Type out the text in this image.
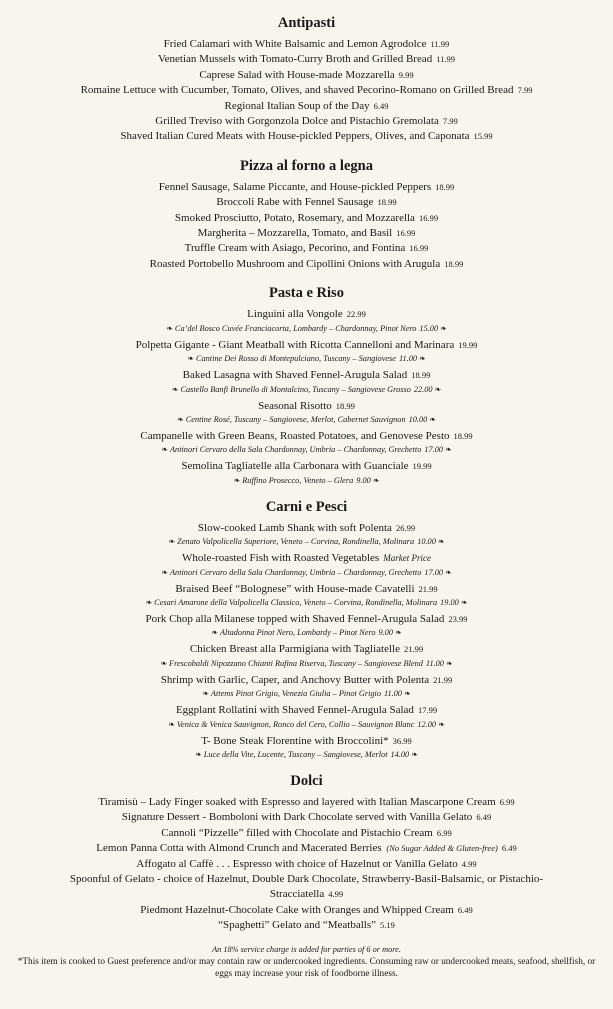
Antipasti
Fried Calamari with White Balsamic and Lemon Agrodolce 11.99
Venetian Mussels with Tomato-Curry Broth and Grilled Bread 11.99
Caprese Salad with House-made Mozzarella 9.99
Romaine Lettuce with Cucumber, Tomato, Olives, and shaved Pecorino-Romano on Grilled Bread 7.99
Regional Italian Soup of the Day 6.49
Grilled Treviso with Gorgonzola Dolce and Pistachio Gremolata 7.99
Shaved Italian Cured Meats with House-pickled Peppers, Olives, and Caponata 15.99
Pizza al forno a legna
Fennel Sausage, Salame Piccante, and House-pickled Peppers 18.99
Broccoli Rabe with Fennel Sausage 18.99
Smoked Prosciutto, Potato, Rosemary, and Mozzarella 16.99
Margherita – Mozzarella, Tomato, and Basil 16.99
Truffle Cream with Asiago, Pecorino, and Fontina 16.99
Roasted Portobello Mushroom and Cipollini Onions with Arugula 18.99
Pasta e Riso
Linguini alla Vongole 22.99
❧ Ca’del Bosco Cuvée Franciacorta, Lombardy – Chardonnay, Pinot Nero 15.00 ❧
Polpetta Gigante - Giant Meatball with Ricotta Cannelloni and Marinara 19.99
❧ Cantine Dei Rosso di Montepulciano, Tuscany – Sangiovese 11.00 ❧
Baked Lasagna with Shaved Fennel-Arugula Salad 18.99
❧ Castello Banfi Brunello di Montalcino, Tuscany – Sangiovese Grosso 22.00 ❧
Seasonal Risotto 18.99
❧ Centine Rosé, Tuscany – Sangiovese, Merlot, Cabernet Sauvignon 10.00 ❧
Campanelle with Green Beans, Roasted Potatoes, and Genovese Pesto 18.99
❧ Antinori Cervaro della Sala Chardonnay, Umbria – Chardonnay, Grechetto 17.00 ❧
Semolina Tagliatelle alla Carbonara with Guanciale 19.99
❧ Ruffino Prosecco, Veneto – Glera 9.00 ❧
Carni e Pesci
Slow-cooked Lamb Shank with soft Polenta 26.99
❧ Zenato Valpolicella Superiore, Veneto – Corvina, Rondinella, Molinara 10.00 ❧
Whole-roasted Fish with Roasted Vegetables Market Price
❧ Antinori Cervaro della Sala Chardonnay, Umbria – Chardonnay, Grechetto 17.00 ❧
Braised Beef “Bolognese” with House-made Cavatelli 21.99
❧ Cesari Amarone della Valpolicella Classico, Veneto – Corvina, Rondinella, Molinara 19.00 ❧
Pork Chop alla Milanese topped with Shaved Fennel-Arugula Salad 23.99
❧ Altadonna Pinot Nero, Lombardy – Pinot Nero 9.00 ❧
Chicken Breast alla Parmigiana with Tagliatelle 21.99
❧ Frescobaldi Nipozzano Chianti Rufina Riserva, Tuscany – Sangiovese Blend 11.00 ❧
Shrimp with Garlic, Caper, and Anchovy Butter with Polenta 21.99
❧ Attems Pinot Grigio, Venezia Giulia – Pinot Grigio 11.00 ❧
Eggplant Rollatini with Shaved Fennel-Arugula Salad 17.99
❧ Venica & Venica Sauvignon, Ronco del Cero, Collio – Sauvignon Blanc 12.00 ❧
T- Bone Steak Florentine with Broccolini* 36.99
❧ Luce della Vite, Lucente, Tuscany – Sangiovese, Merlot 14.00 ❧
Dolci
Tiramisù – Lady Finger soaked with Espresso and layered with Italian Mascarpone Cream 6.99
Signature Dessert - Bomboloni with Dark Chocolate served with Vanilla Gelato 6.49
Cannoli “Pizzelle” filled with Chocolate and Pistachio Cream 6.99
Lemon Panna Cotta with Almond Crunch and Macerated Berries (No Sugar Added & Gluten-free) 6.49
Affogato al Caffè . . . Espresso with choice of Hazelnut or Vanilla Gelato 4.99
Spoonful of Gelato - choice of Hazelnut, Double Dark Chocolate, Strawberry-Basil-Balsamic, or Pistachio-Stracciatella 4.99
Piedmont Hazelnut-Chocolate Cake with Oranges and Whipped Cream 6.49
“Spaghetti” Gelato and “Meatballs” 5.19
An 18% service charge is added for parties of 6 or more.
*This item is cooked to Guest preference and/or may contain raw or undercooked ingredients. Consuming raw or undercooked meats, seafood, shellfish, or eggs may increase your risk of foodborne illness.
